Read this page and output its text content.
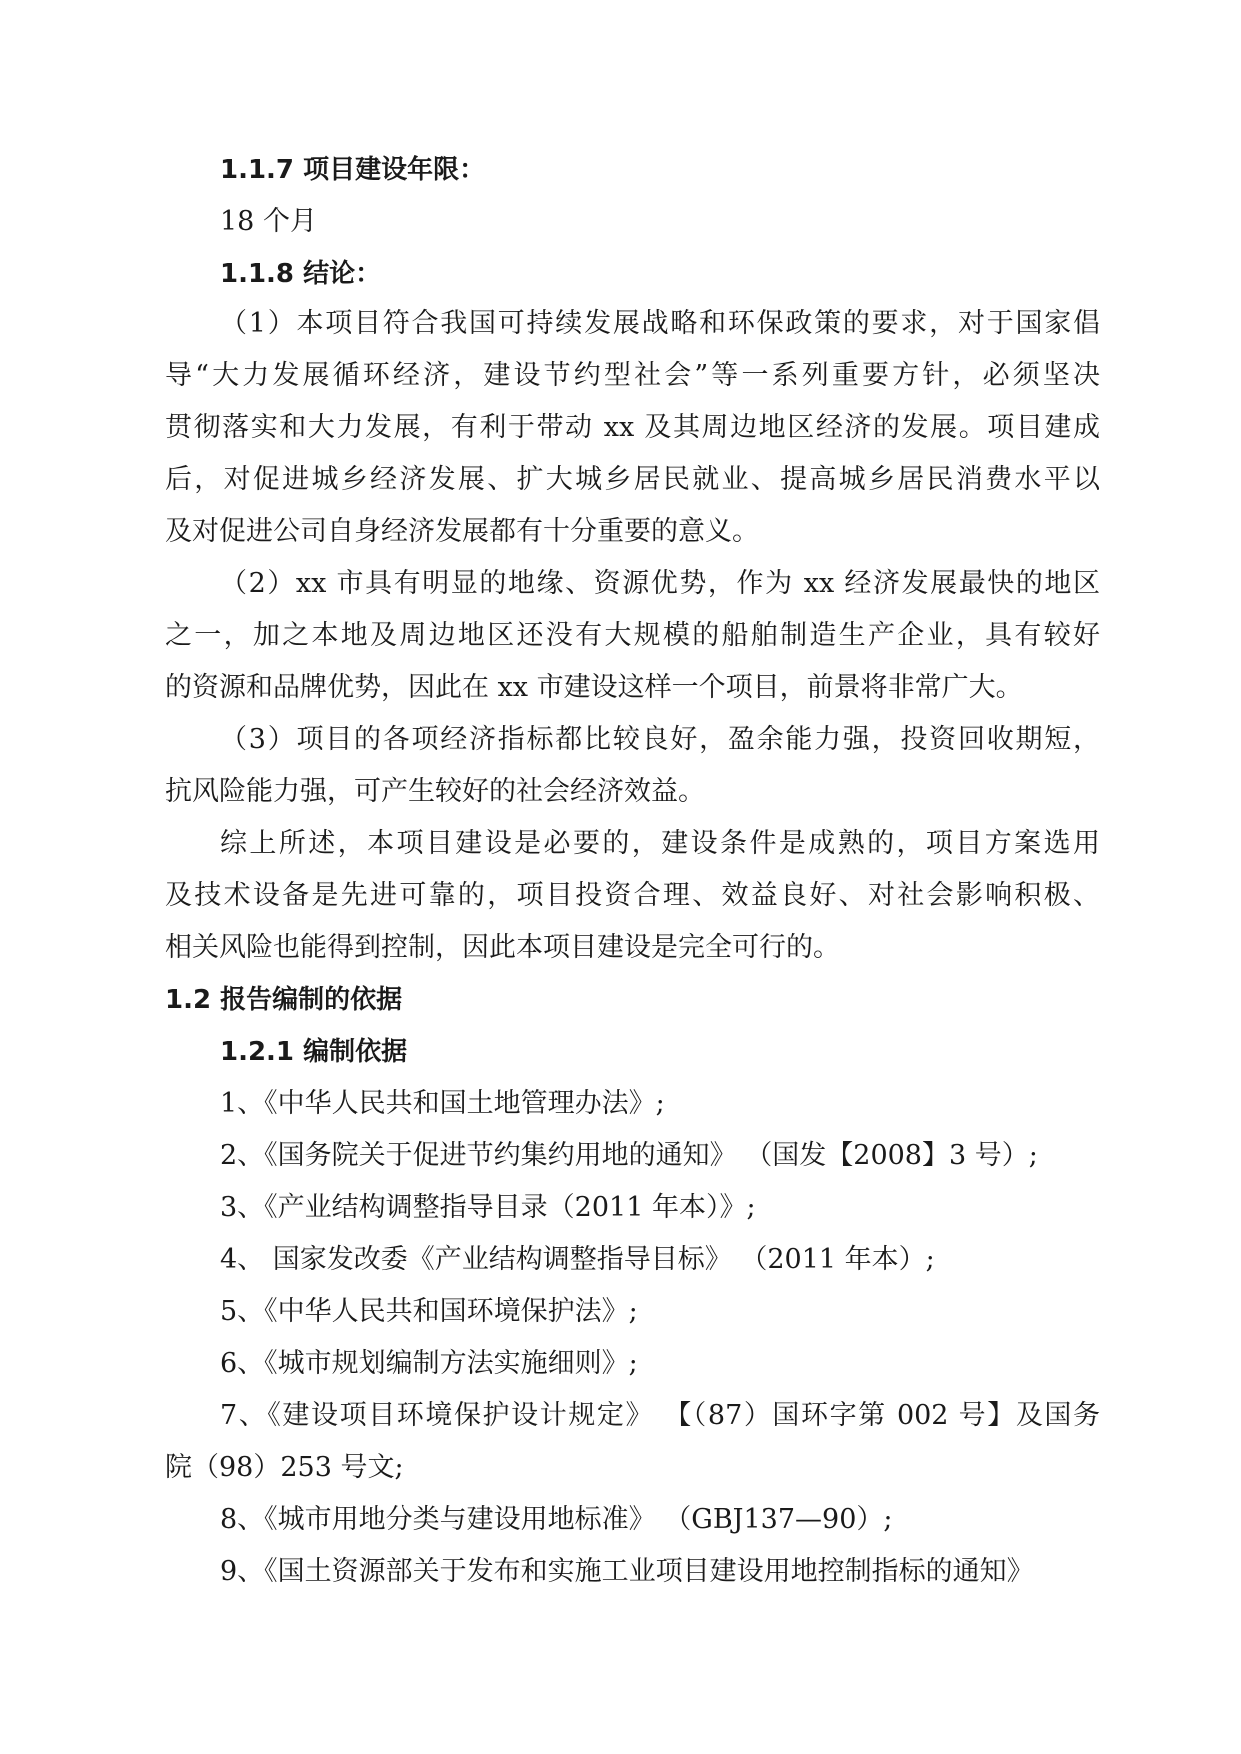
1.1.7 项目建设年限：
18 个月
1.1.8 结论：
（1）本项目符合我国可持续发展战略和环保政策的要求，对于国家倡
导“大力发展循环经济，建设节约型社会”等一系列重要方针，必须坚决
贯彻落实和大力发展，有利于带动 xx 及其周边地区经济的发展。项目建成
后，对促进城乡经济发展、扩大城乡居民就业、提高城乡居民消费水平以
及对促进公司自身经济发展都有十分重要的意义。
（2）xx 市具有明显的地缘、资源优势，作为 xx 经济发展最快的地区
之一，加之本地及周边地区还没有大规模的船舶制造生产企业，具有较好
的资源和品牌优势，因此在 xx 市建设这样一个项目，前景将非常广大。
（3）项目的各项经济指标都比较良好，盈余能力强，投资回收期短，
抗风险能力强，可产生较好的社会经济效益。
综上所述，本项目建设是必要的，建设条件是成熟的，项目方案选用
及技术设备是先进可靠的，项目投资合理、效益良好、对社会影响积极、
相关风险也能得到控制，因此本项目建设是完全可行的。
1.2 报告编制的依据
1.2.1 编制依据
1、《中华人民共和国土地管理办法》;
2、《国务院关于促进节约集约用地的通知》 （国发【2008】3 号）;
3、《产业结构调整指导目录（2011 年本）》;
4、 国家发改委《产业结构调整指导目标》 （2011 年本）;
5、《中华人民共和国环境保护法》;
6、《城市规划编制方法实施细则》;
7、《建设项目环境保护设计规定》 【（87）国环字第 002 号】及国务
院（98）253 号文;
8、《城市用地分类与建设用地标准》 （GBJ137—90）;
9、《国土资源部关于发布和实施工业项目建设用地控制指标的通知》
